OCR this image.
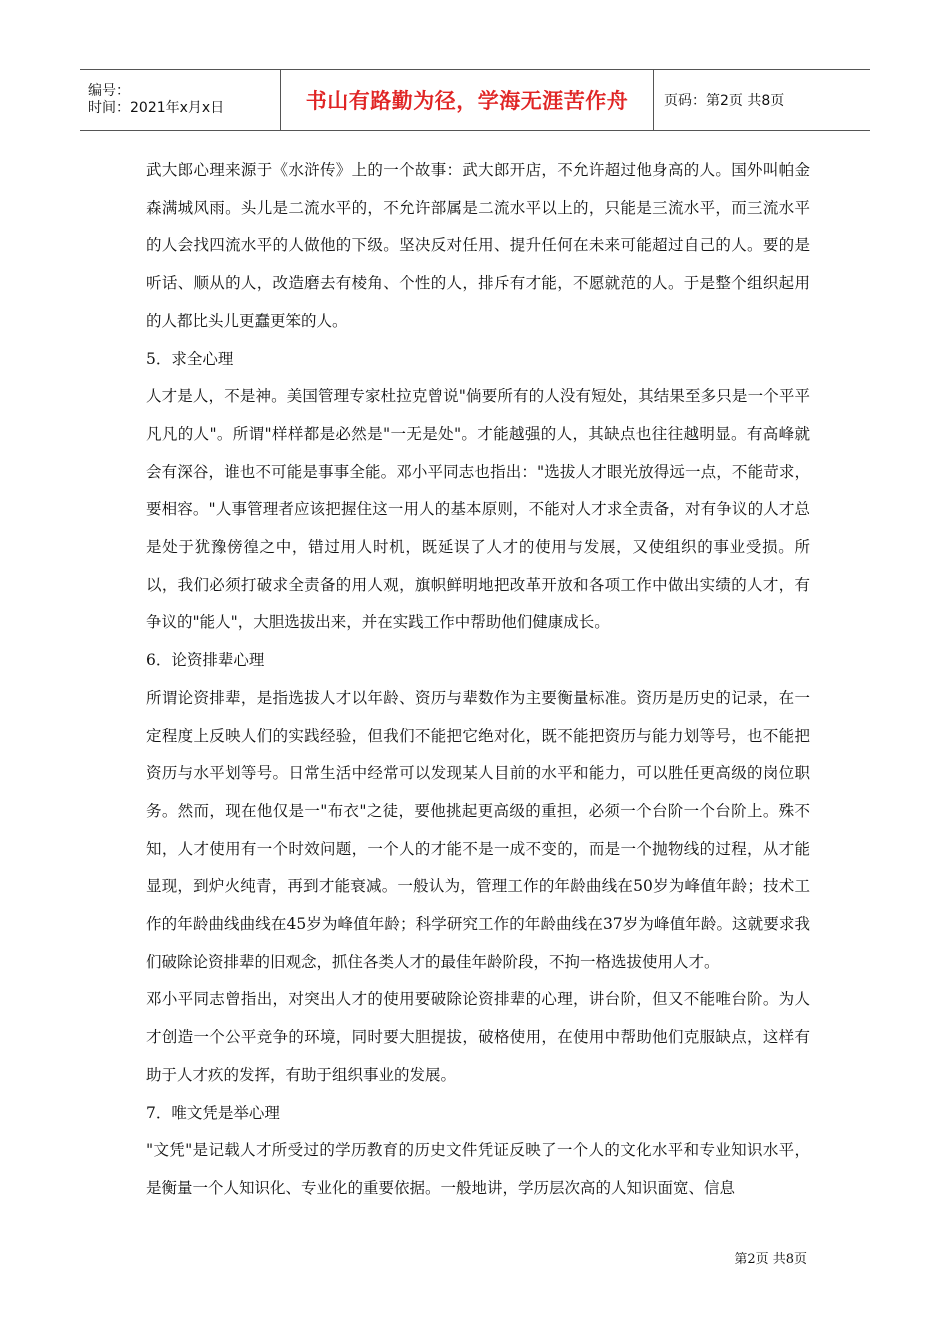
编号：
时间：2021年x月x日	书山有路勤为径，学海无涯苦作舟	页码：第2页 共8页

武大郎心理来源于《水浒传》上的一个故事：武大郎开店，不允许超过他身高的人。国外叫帕金森满城风雨。头儿是二流水平的，不允许部属是二流水平以上的，只能是三流水平，而三流水平的人会找四流水平的人做他的下级。坚决反对任用、提升任何在未来可能超过自己的人。要的是听话、顺从的人，改造磨去有棱角、个性的人，排斥有才能，不愿就范的人。于是整个组织起用的人都比头儿更蠢更笨的人。

5．求全心理

人才是人，不是神。美国管理专家杜拉克曾说"倘要所有的人没有短处，其结果至多只是一个平平凡凡的人"。所谓"样样都是必然是"一无是处"。才能越强的人，其缺点也往往越明显。有高峰就会有深谷，谁也不可能是事事全能。邓小平同志也指出："选拔人才眼光放得远一点，不能苛求，要相容。"人事管理者应该把握住这一用人的基本原则，不能对人才求全责备，对有争议的人才总是处于犹豫傍徨之中，错过用人时机，既延误了人才的使用与发展，又使组织的事业受损。所以，我们必须打破求全责备的用人观，旗帜鲜明地把改革开放和各项工作中做出实绩的人才，有争议的"能人"，大胆选拔出来，并在实践工作中帮助他们健康成长。

6．论资排辈心理

所谓论资排辈，是指选拔人才以年龄、资历与辈数作为主要衡量标准。资历是历史的记录，在一定程度上反映人们的实践经验，但我们不能把它绝对化，既不能把资历与能力划等号，也不能把资历与水平划等号。日常生活中经常可以发现某人目前的水平和能力，可以胜任更高级的岗位职务。然而，现在他仅是一"布衣"之徒，要他挑起更高级的重担，必须一个台阶一个台阶上。殊不知，人才使用有一个时效问题，一个人的才能不是一成不变的，而是一个抛物线的过程，从才能显现，到炉火纯青，再到才能衰减。一般认为，管理工作的年龄曲线在50岁为峰值年龄；技术工作的年龄曲线曲线在45岁为峰值年龄；科学研究工作的年龄曲线在37岁为峰值年龄。这就要求我们破除论资排辈的旧观念，抓住各类人才的最佳年龄阶段，不拘一格选拔使用人才。

邓小平同志曾指出，对突出人才的使用要破除论资排辈的心理，讲台阶，但又不能唯台阶。为人才创造一个公平竞争的环境，同时要大胆提拔，破格使用，在使用中帮助他们克服缺点，这样有助于人才疚的发挥，有助于组织事业的发展。

7．唯文凭是举心理

"文凭"是记载人才所受过的学历教育的历史文件凭证反映了一个人的文化水平和专业知识水平，是衡量一个人知识化、专业化的重要依据。一般地讲，学历层次高的人知识面宽、信息

第2页 共8页
